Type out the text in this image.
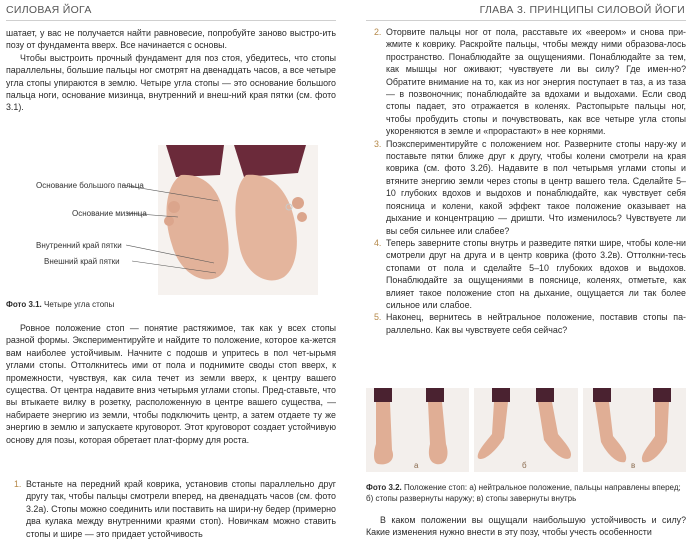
СИЛОВАЯ ЙОГА	ГЛАВА 3. ПРИНЦИПЫ СИЛОВОЙ ЙОГИ

шатает, у вас не получается найти равновесие, попробуйте заново выстро-ить позу от фундамента вверх. Все начинается с основы.

Чтобы выстроить прочный фундамент для поз стоя, убедитесь, что стопы параллельны, большие пальцы ног смотрят на двенадцать часов, а все четыре угла стопы упираются в землю. Четыре угла стопы — это основание большого пальца ноги, основание мизинца, внутренний и внеш-ний края пятки (см. фото 3.1).

Основание большого пальца
Основание мизинца
Внутренний край пятки
Внешний край пятки
Фото 3.1. Четыре угла стопы

Ровное положение стоп — понятие растяжимое, так как у всех стопы разной формы. Экспериментируйте и найдите то положение, которое ка-жется вам наиболее устойчивым. Начните с подошв и упритесь в пол чет-ырьмя углами стопы. Оттолкнитесь ими от пола и поднимите своды стоп вверх, к промежности, чувствуя, как сила течет из земли вверх, к центру вашего существа. От центра надавите вниз четырьмя углами стопы. Пред-ставьте, что вы втыкаете вилку в розетку, расположенную в центре вашего существа, — набираете энергию из земли, чтобы подключить центр, а затем отдаете ту же энергию в землю и запускаете круговорот. Этот круговорот создает устойчивую основу для позы, которая обретает плат-форму для роста.

1. Встаньте на передний край коврика, установив стопы параллельно друг другу так, чтобы пальцы смотрели вперед, на двенадцать часов (см. фото 3.2а). Стопы можно соединить или поставить на шири-ну бедер (примерно два кулака между внутренними краями стоп). Новичкам можно ставить стопы и шире — это придает устойчивость
2. Оторвите пальцы ног от пола, расставьте их «веером» и снова при-жмите к коврику. Раскройте пальцы, чтобы между ними образова-лось пространство. Понаблюдайте за ощущениями. Понаблюдайте за тем, как мышцы ног оживают; чувствуете ли вы силу? Где имен-но? Обратите внимание на то, как из ног энергия поступает в таз, а из таза — в позвоночник; понаблюдайте за вдохами и выдохами. Если свод стопы падает, это отражается в коленях. Растопырьте пальцы ног, чтобы пробудить стопы и почувствовать, как все четыре угла стопы укореняются в земле и «прорастают» в нее корнями.
3. Поэкспериментируйте с положением ног. Разверните стопы нару-жу и поставьте пятки ближе друг к другу, чтобы колени смотрели на края коврика (см. фото 3.2б). Надавите в пол четырьмя углами стопы и втяните энергию земли через стопы в центр вашего тела. Сделайте 5–10 глубоких вдохов и выдохов и понаблюдайте, как чувствует себя поясница и колени, какой эффект такое положение оказывает на дыхание и концентрацию — дришти. Что изменилось? Чувствуете ли вы себя сильнее или слабее?
4. Теперь заверните стопы внутрь и разведите пятки шире, чтобы коле-ни смотрели друг на друга и в центр коврика (фото 3.2в). Оттолкни-тесь стопами от пола и сделайте 5–10 глубоких вдохов и выдохов. Понаблюдайте за ощущениями в пояснице, коленях, отметьте, как влияет такое положение стоп на дыхание, ощущается ли так более сильное или слабое.
5. Наконец, вернитесь в нейтральное положение, поставив стопы па-раллельно. Как вы чувствуете себя сейчас?
а	б	в
Фото 3.2. Положение стоп: а) нейтральное положение, пальцы направлены вперед; б) стопы развернуты наружу; в) стопы завернуты внутрь

В каком положении вы ощущали наибольшую устойчивость и силу? Какие изменения нужно внести в эту позу, чтобы учесть особенности
